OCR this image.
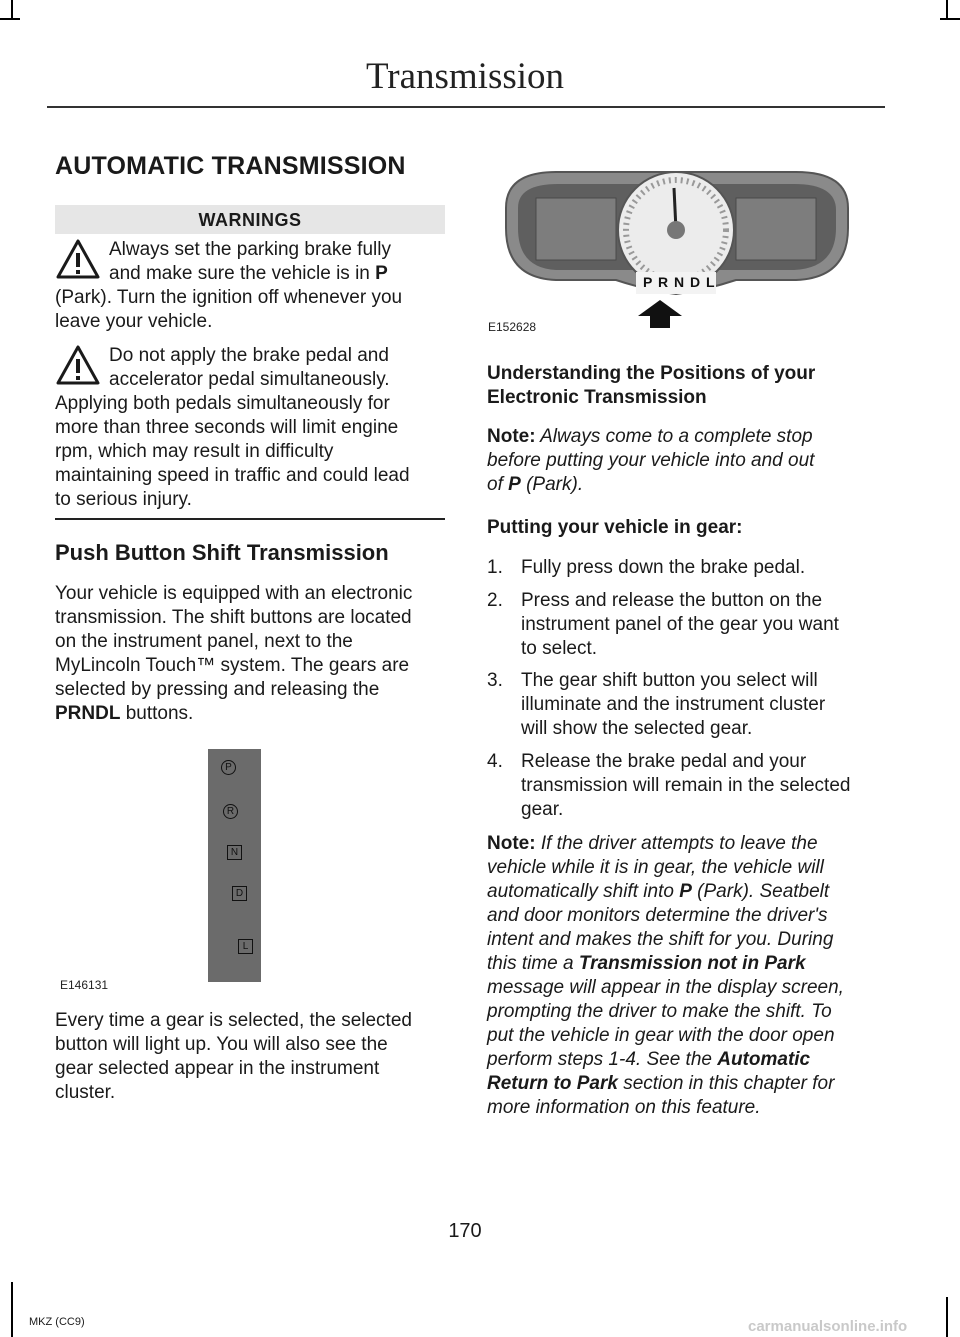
Transmission
AUTOMATIC TRANSMISSION
WARNINGS
Always set the parking brake fully
and make sure the vehicle is in P
(Park). Turn the ignition off whenever you
leave your vehicle.
Do not apply the brake pedal and
accelerator pedal simultaneously.
Applying both pedals simultaneously for
more than three seconds will limit engine
rpm, which may result in difficulty
maintaining speed in traffic and could lead
to serious injury.
Push Button Shift Transmission
Your vehicle is equipped with an electronic
transmission. The shift buttons are located
on the instrument panel, next to the
MyLincoln Touch™ system. The gears are
selected by pressing and releasing the
PRNDL buttons.
P
R
N
D
L
E146131
Every time a gear is selected, the selected
button will light up. You will also see the
gear selected appear in the instrument
cluster.
P R N D L
E152628
Understanding the Positions of your
Electronic Transmission
Note: Always come to a complete stop
before putting your vehicle into and out
of P (Park).
Putting your vehicle in gear:
1. Fully press down the brake pedal.
2. Press and release the button on the
instrument panel of the gear you want
to select.
3. The gear shift button you select will
illuminate and the instrument cluster
will show the selected gear.
4. Release the brake pedal and your
transmission will remain in the selected
gear.
Note: If the driver attempts to leave the
vehicle while it is in gear, the vehicle will
automatically shift into P (Park). Seatbelt
and door monitors determine the driver's
intent and makes the shift for you. During
this time a Transmission not in Park
message will appear in the display screen,
prompting the driver to make the shift. To
put the vehicle in gear with the door open
perform steps 1-4. See the Automatic
Return to Park section in this chapter for
more information on this feature.
170
MKZ (CC9)	carmanualsonline.info
